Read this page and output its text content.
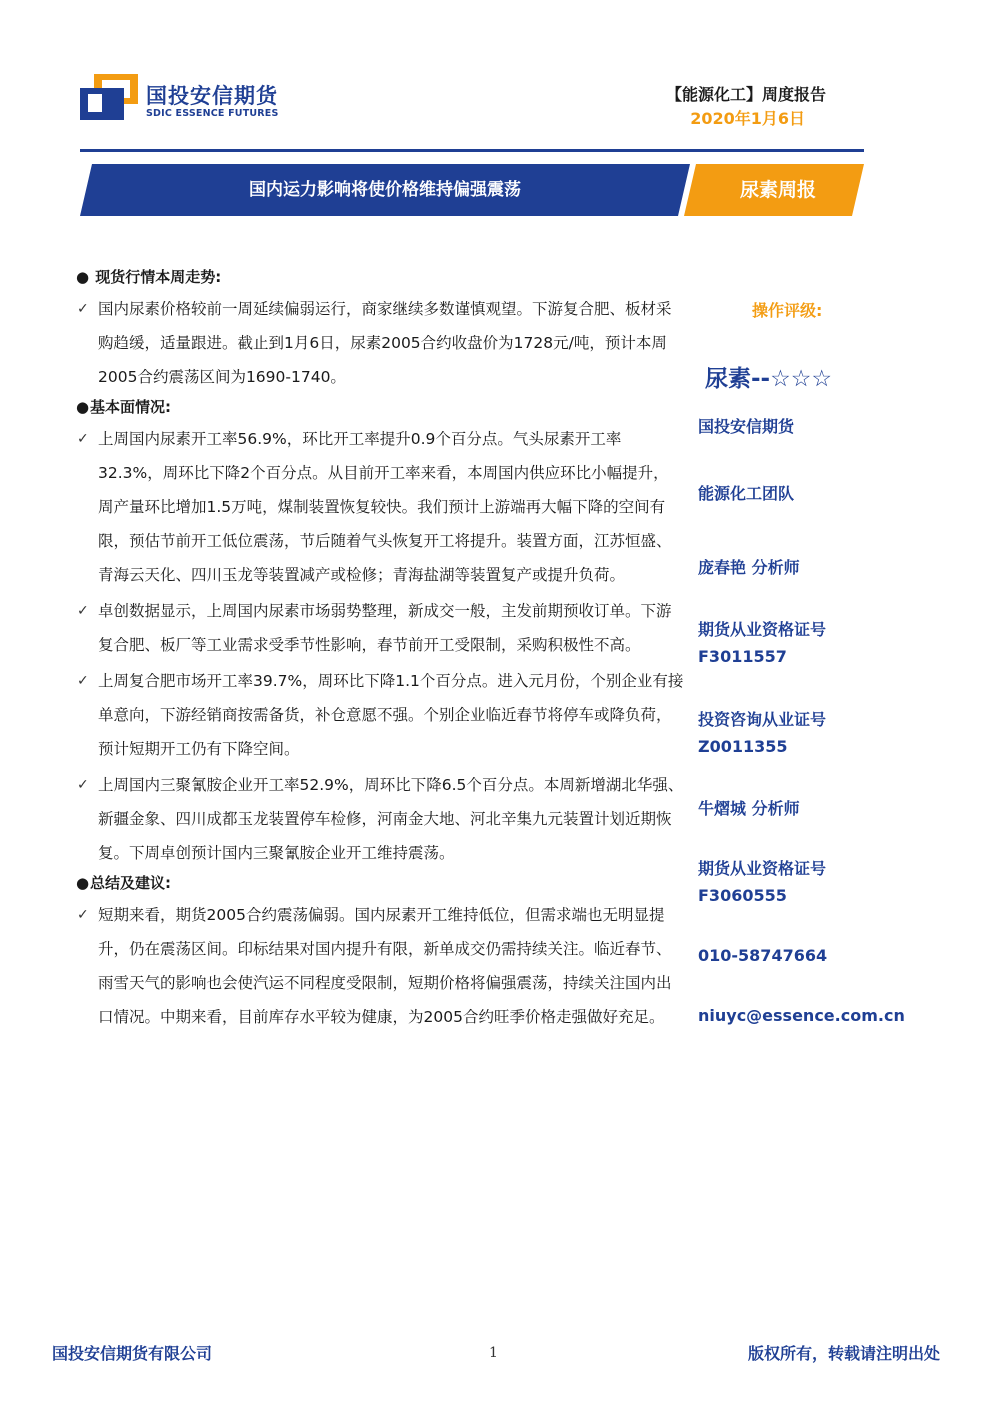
国投安信期货
SDIC ESSENCE FUTURES
【能源化工】周度报告
2020年1月6日
国内运力影响将使价格维持偏强震荡	尿素周报
● 现货行情本周走势:
✓ 国内尿素价格较前一周延续偏弱运行，商家继续多数谨慎观望。下游复合肥、板材采购趋缓，适量跟进。截止到1月6日，尿素2005合约收盘价为1728元/吨，预计本周2005合约震荡区间为1690-1740。
●基本面情况:
✓ 上周国内尿素开工率56.9%，环比开工率提升0.9个百分点。气头尿素开工率32.3%，周环比下降2个百分点。从目前开工率来看，本周国内供应环比小幅提升，周产量环比增加1.5万吨，煤制装置恢复较快。我们预计上游端再大幅下降的空间有限，预估节前开工低位震荡，节后随着气头恢复开工将提升。装置方面，江苏恒盛、青海云天化、四川玉龙等装置减产或检修；青海盐湖等装置复产或提升负荷。
✓ 卓创数据显示，上周国内尿素市场弱势整理，新成交一般，主发前期预收订单。下游复合肥、板厂等工业需求受季节性影响，春节前开工受限制，采购积极性不高。
✓ 上周复合肥市场开工率39.7%，周环比下降1.1个百分点。进入元月份，个别企业有接单意向，下游经销商按需备货，补仓意愿不强。个别企业临近春节将停车或降负荷，预计短期开工仍有下降空间。
✓ 上周国内三聚氰胺企业开工率52.9%，周环比下降6.5个百分点。本周新增湖北华强、新疆金象、四川成都玉龙装置停车检修，河南金大地、河北辛集九元装置计划近期恢复。下周卓创预计国内三聚氰胺企业开工维持震荡。
●总结及建议:
✓ 短期来看，期货2005合约震荡偏弱。国内尿素开工维持低位，但需求端也无明显提升，仍在震荡区间。印标结果对国内提升有限，新单成交仍需持续关注。临近春节、雨雪天气的影响也会使汽运不同程度受限制，短期价格将偏强震荡，持续关注国内出口情况。中期来看，目前库存水平较为健康，为2005合约旺季价格走强做好充足。
操作评级:
尿素--☆☆☆
国投安信期货
能源化工团队
庞春艳 分析师
期货从业资格证号
F3011557
投资咨询从业证号
Z0011355
牛熠城 分析师
期货从业资格证号
F3060555
010-58747664
niuyc@essence.com.cn
国投安信期货有限公司	1	版权所有，转载请注明出处
